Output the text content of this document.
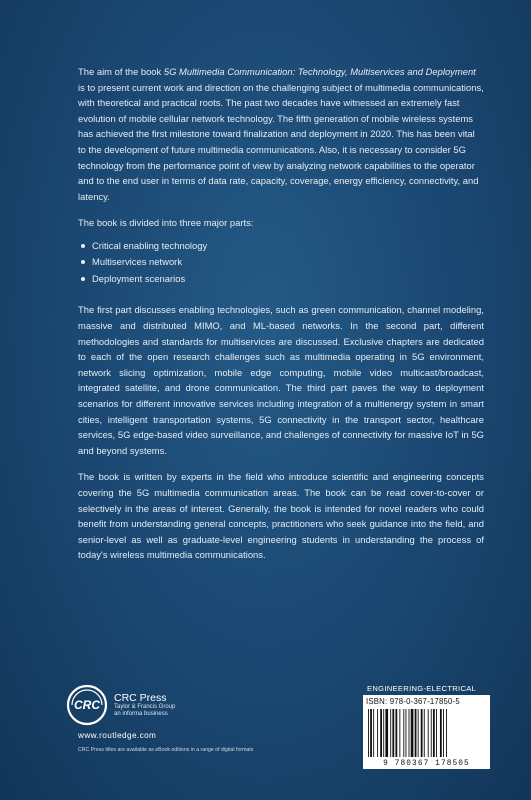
The aim of the book 5G Multimedia Communication: Technology, Multiservices and Deployment is to present current work and direction on the challenging subject of multimedia communications, with theoretical and practical roots. The past two decades have witnessed an extremely fast evolution of mobile cellular network technology. The fifth generation of mobile wireless systems has achieved the first milestone toward finalization and deployment in 2020. This has been vital to the development of future multimedia communications. Also, it is necessary to consider 5G technology from the performance point of view by analyzing network capabilities to the operator and to the end user in terms of data rate, capacity, coverage, energy efficiency, connectivity, and latency.

The book is divided into three major parts:

Critical enabling technology
Multiservices network
Deployment scenarios

The first part discusses enabling technologies, such as green communication, channel modeling, massive and distributed MIMO, and ML-based networks. In the second part, different methodologies and standards for multiservices are discussed. Exclusive chapters are dedicated to each of the open research challenges such as multimedia operating in 5G environment, network slicing optimization, mobile edge computing, mobile video multicast/broadcast, integrated satellite, and drone communication. The third part paves the way to deployment scenarios for different innovative services including integration of a multienergy system in smart cities, intelligent transportation systems, 5G connectivity in the transport sector, healthcare services, 5G edge-based video surveillance, and challenges of connectivity for massive IoT in 5G and beyond systems.

The book is written by experts in the field who introduce scientific and engineering concepts covering the 5G multimedia communication areas. The book can be read cover-to-cover or selectively in the areas of interest. Generally, the book is intended for novel readers who could benefit from understanding general concepts, practitioners who seek guidance into the field, and senior-level as well as graduate-level engineering students in understanding the process of today's wireless multimedia communications.

CRC
CRC Press
Taylor & Francis Group
an informa business
www.routledge.com
CRC Press titles are available as eBook editions in a range of digital formats
ENGINEERING-ELECTRICAL
ISBN: 978-0-367-17850-5
9 780367 178505
